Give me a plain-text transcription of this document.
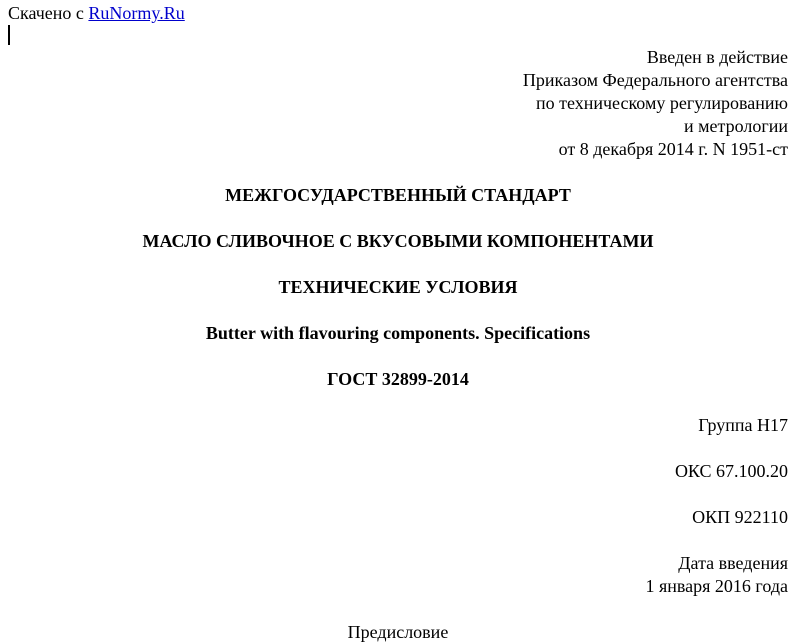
Скачено с RuNormy.Ru
Введен в действие
Приказом Федерального агентства
по техническому регулированию
и метрологии
от 8 декабря 2014 г. N 1951-ст
МЕЖГОСУДАРСТВЕННЫЙ СТАНДАРТ
МАСЛО СЛИВОЧНОЕ С ВКУСОВЫМИ КОМПОНЕНТАМИ
ТЕХНИЧЕСКИЕ УСЛОВИЯ
Butter with flavouring components. Specifications
ГОСТ 32899-2014
Группа Н17
ОКС 67.100.20
ОКП 922110
Дата введения
1 января 2016 года
Предисловие
